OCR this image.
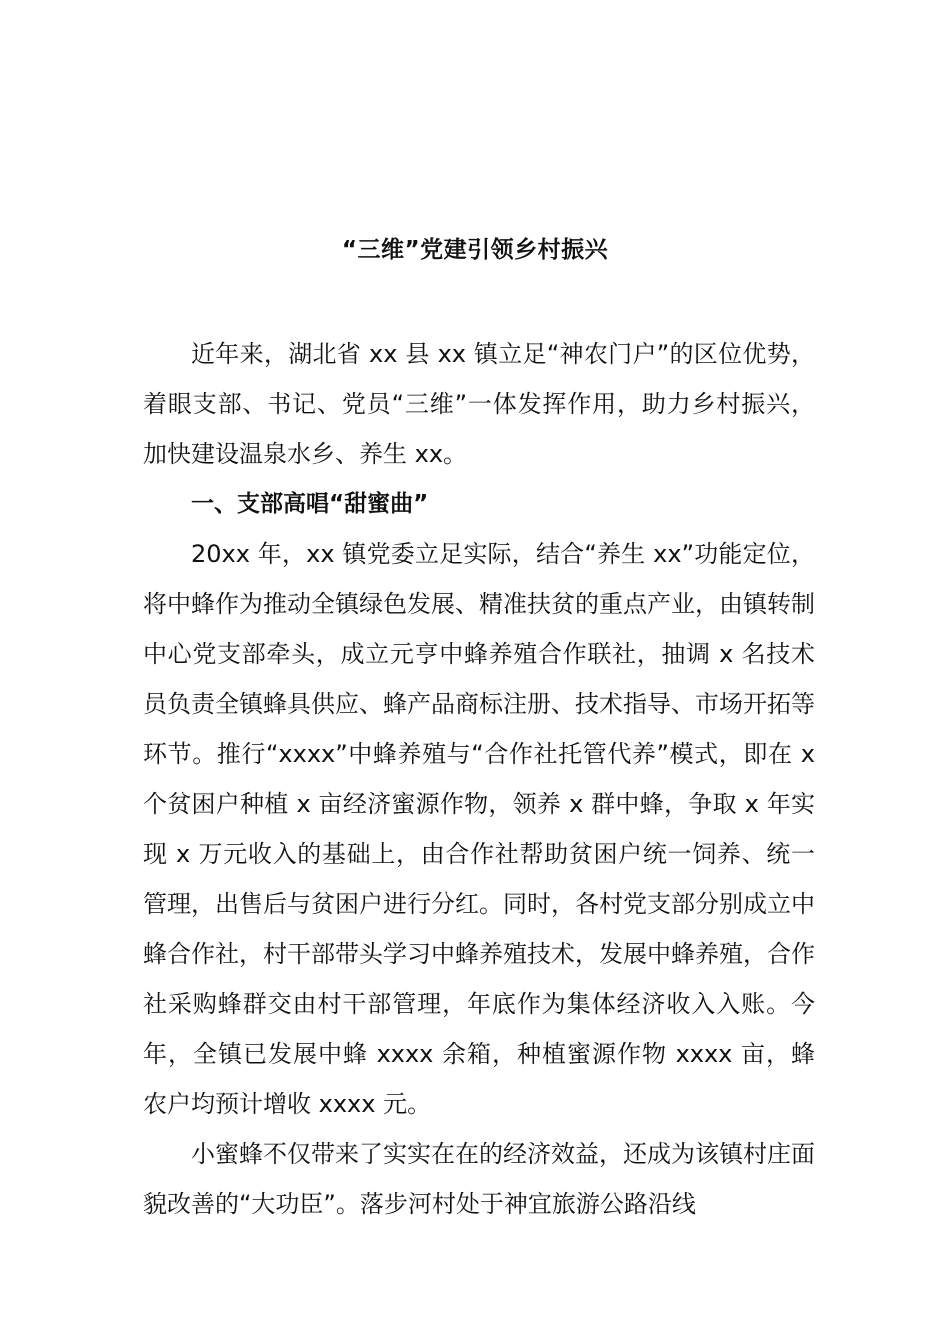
“三维”党建引领乡村振兴
近年来，湖北省 xx 县 xx 镇立足“神农门户”的区位优势，着眼支部、书记、党员“三维”一体发挥作用，助力乡村振兴，加快建设温泉水乡、养生 xx。
一、支部高唱“甜蜜曲”
20xx 年，xx 镇党委立足实际，结合“养生 xx”功能定位，将中蜂作为推动全镇绿色发展、精准扶贫的重点产业，由镇转制中心党支部牵头，成立元亨中蜂养殖合作联社，抽调 x 名技术员负责全镇蜂具供应、蜂产品商标注册、技术指导、市场开拓等环节。推行“xxxx”中蜂养殖与“合作社托管代养”模式，即在 x 个贫困户种植 x 亩经济蜜源作物，领养 x 群中蜂，争取 x 年实现 x 万元收入的基础上，由合作社帮助贫困户统一饲养、统一管理，出售后与贫困户进行分红。同时，各村党支部分别成立中蜂合作社，村干部带头学习中蜂养殖技术，发展中蜂养殖，合作社采购蜂群交由村干部管理，年底作为集体经济收入入账。今年，全镇已发展中蜂 xxxx 余箱，种植蜜源作物 xxxx 亩，蜂农户均预计增收 xxxx 元。
小蜜蜂不仅带来了实实在在的经济效益，还成为该镇村庄面貌改善的“大功臣”。落步河村处于神宜旅游公路沿线
